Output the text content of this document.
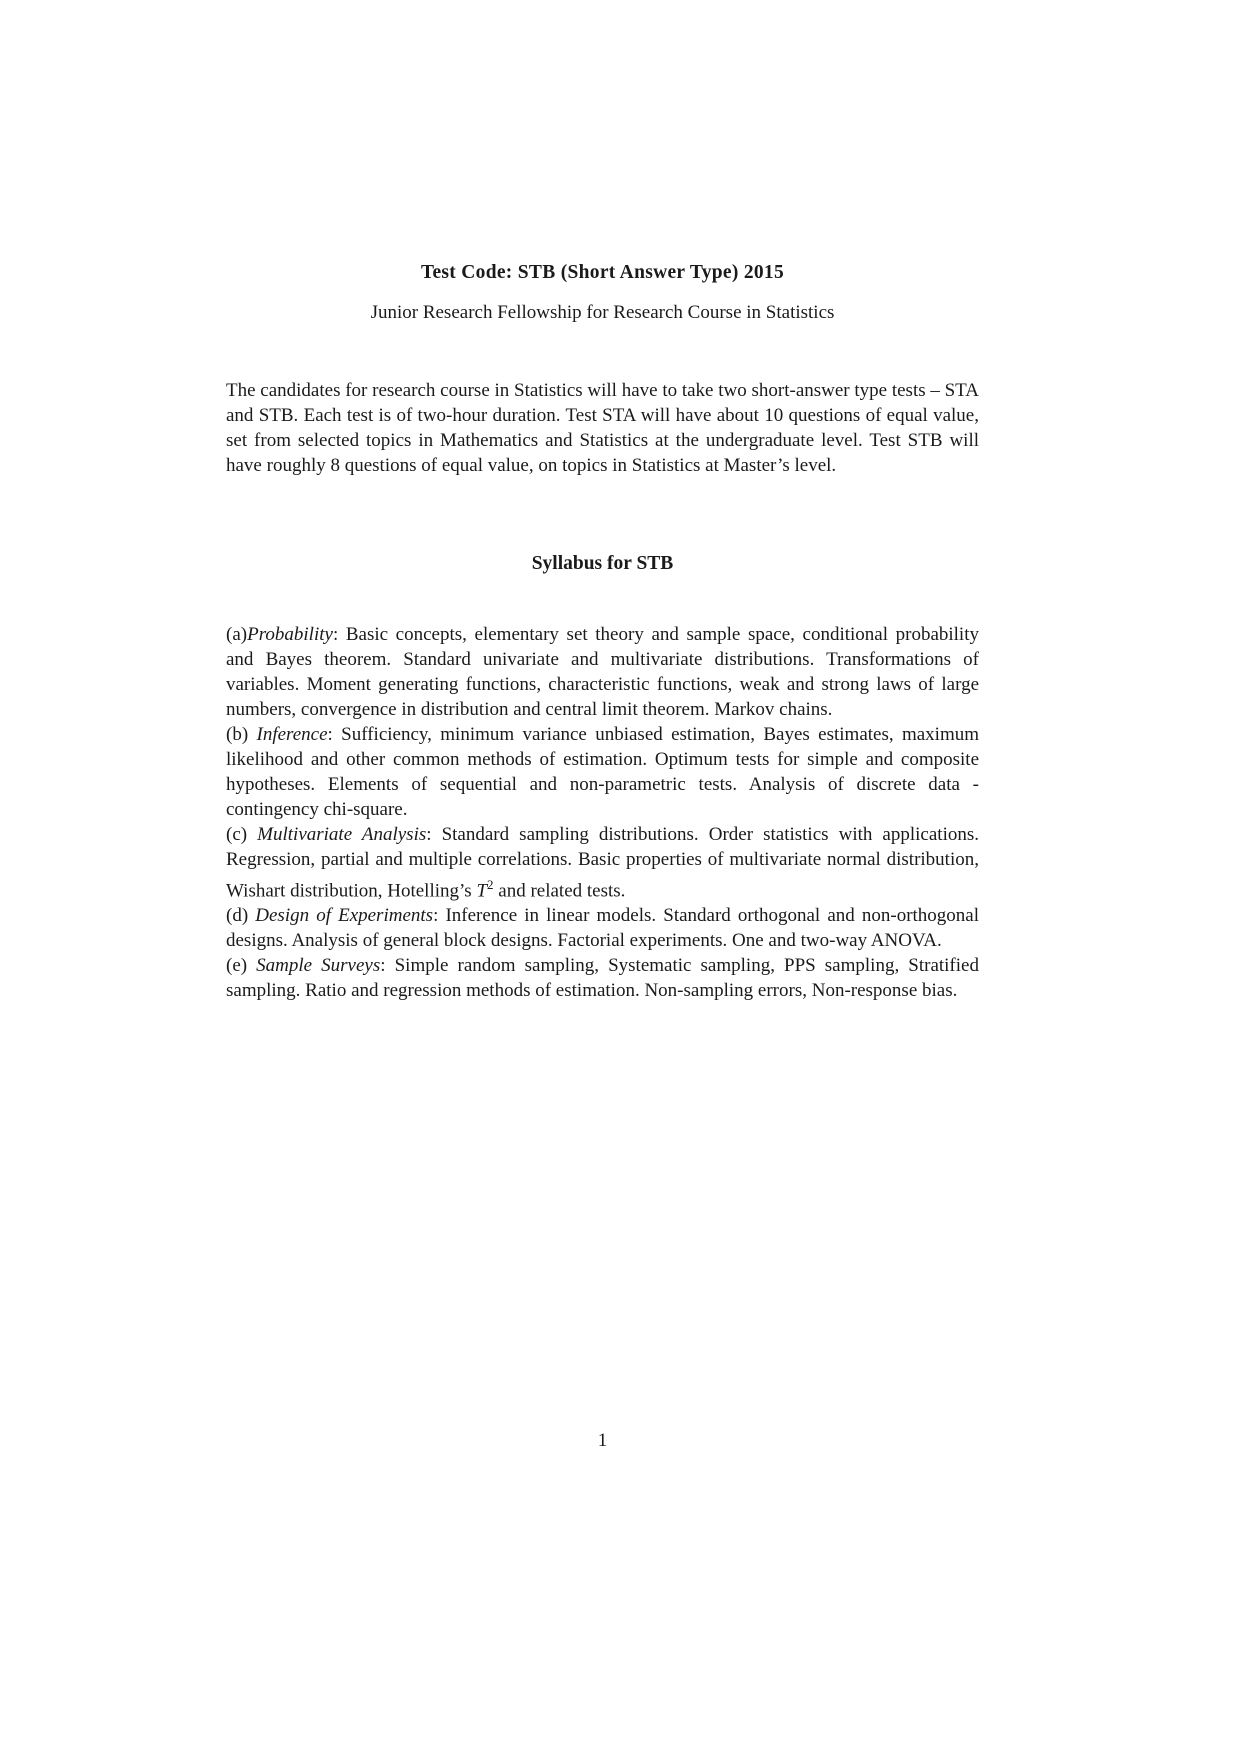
Test Code: STB (Short Answer Type) 2015
Junior Research Fellowship for Research Course in Statistics

The candidates for research course in Statistics will have to take two short-answer type tests – STA and STB. Each test is of two-hour duration. Test STA will have about 10 questions of equal value, set from selected topics in Mathematics and Statistics at the undergraduate level. Test STB will have roughly 8 questions of equal value, on topics in Statistics at Master’s level.

Syllabus for STB

(a)Probability: Basic concepts, elementary set theory and sample space, conditional probability and Bayes theorem. Standard univariate and multivariate distributions. Transformations of variables. Moment generating functions, characteristic functions, weak and strong laws of large numbers, convergence in distribution and central limit theorem. Markov chains.

(b) Inference: Sufficiency, minimum variance unbiased estimation, Bayes estimates, maximum likelihood and other common methods of estimation. Optimum tests for simple and composite hypotheses. Elements of sequential and non-parametric tests. Analysis of discrete data - contingency chi-square.

(c) Multivariate Analysis: Standard sampling distributions. Order statistics with applications. Regression, partial and multiple correlations. Basic properties of multivariate normal distribution, Wishart distribution, Hotelling’s $T^2$ and related tests.

(d) Design of Experiments: Inference in linear models. Standard orthogonal and non-orthogonal designs. Analysis of general block designs. Factorial experiments. One and two-way ANOVA.

(e) Sample Surveys: Simple random sampling, Systematic sampling, PPS sampling, Stratified sampling. Ratio and regression methods of estimation. Non-sampling errors, Non-response bias.

1
